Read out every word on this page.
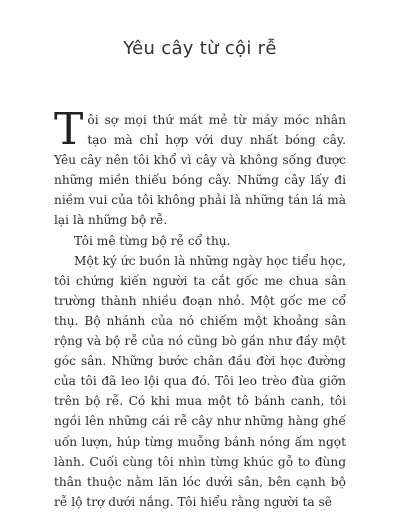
Yêu cây từ cội rễ

Tôi sợ mọi thứ mát mẻ từ máy móc nhân tạo mà chỉ hợp với duy nhất bóng cây. Yêu cây nên tôi khổ vì cây và không sống được những miền thiếu bóng cây. Những cây lấy đi niềm vui của tôi không phải là những tán lá mà lại là những bộ rễ.

Tôi mê từng bộ rễ cổ thụ.

Một ký ức buồn là những ngày học tiểu học, tôi chứng kiến người ta cắt gốc me chua sân trường thành nhiều đoạn nhỏ. Một gốc me cổ thụ. Bộ nhánh của nó chiếm một khoảng sân rộng và bộ rễ của nó cũng bò gần như đầy một góc sân. Những bước chân đầu đời học đường của tôi đã leo lội qua đó. Tôi leo trèo đùa giỡn trên bộ rễ. Có khi mua một tô bánh canh, tôi ngồi lên những cái rễ cây như những hàng ghế uốn lượn, húp từng muỗng bánh nóng ấm ngọt lành. Cuối cùng tôi nhìn từng khúc gỗ to đùng thân thuộc nằm lăn lóc dưới sân, bên cạnh bộ rễ lộ trợ dưới nắng. Tôi hiểu rằng người ta sẽ
